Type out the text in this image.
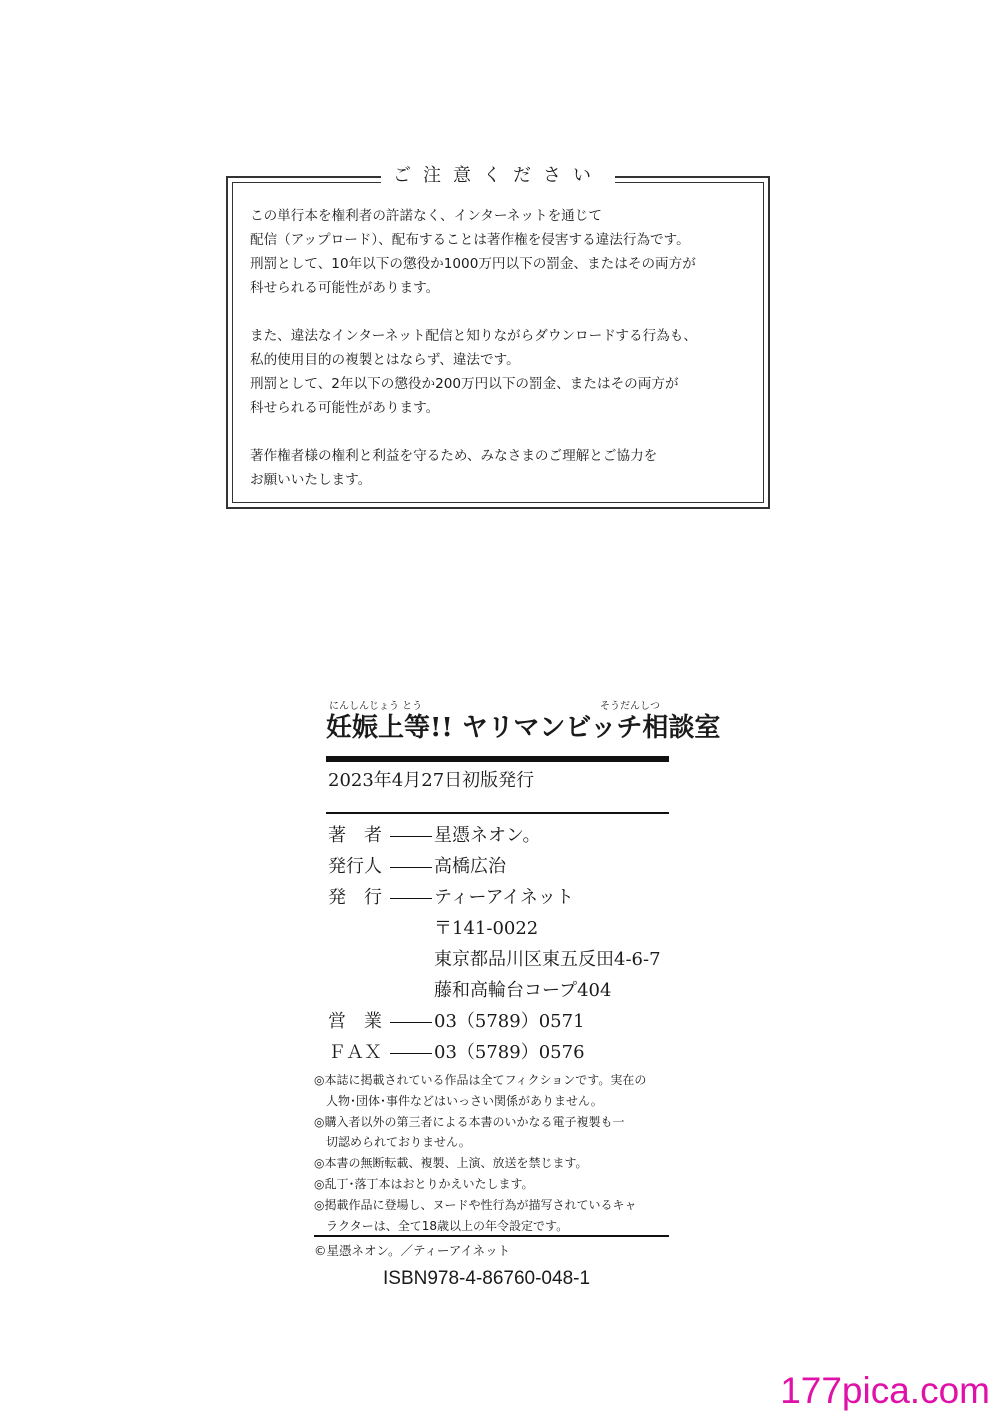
ご注意ください

この単行本を権利者の許諾なく、インターネットを通じて
配信（アップロード）、配布することは著作権を侵害する違法行為です。
刑罰として、10年以下の懲役か1000万円以下の罰金、またはその両方が
科せられる可能性があります。

また、違法なインターネット配信と知りながらダウンロードする行為も、
私的使用目的の複製とはならず、違法です。
刑罰として、2年以下の懲役か200万円以下の罰金、またはその両方が
科せられる可能性があります。

著作権者様の権利と利益を守るため、みなさまのご理解とご協力を
お願いいたします。

にんしんじょう とう	そうだんしつ
妊娠上等!! ヤリマンビッチ相談室
2023年4月27日初版発行
著　者	星憑ネオン。
発行人	高橋広治
発　行	ティーアイネット
〒141-0022
東京都品川区東五反田4-6-7
藤和高輪台コープ404
営　業	03（5789）0571
ＦＡＸ	03（5789）0576
◎本誌に掲載されている作品は全てフィクションです。実在の
人物･団体･事件などはいっさい関係がありません。
◎購入者以外の第三者による本書のいかなる電子複製も一
切認められておりません。
◎本書の無断転載、複製、上演、放送を禁じます。
◎乱丁･落丁本はおとりかえいたします。
◎掲載作品に登場し、ヌードや性行為が描写されているキャ
ラクターは、全て18歳以上の年令設定です。
©星憑ネオン。／ティーアイネット
ISBN978-4-86760-048-1
177pica.com
